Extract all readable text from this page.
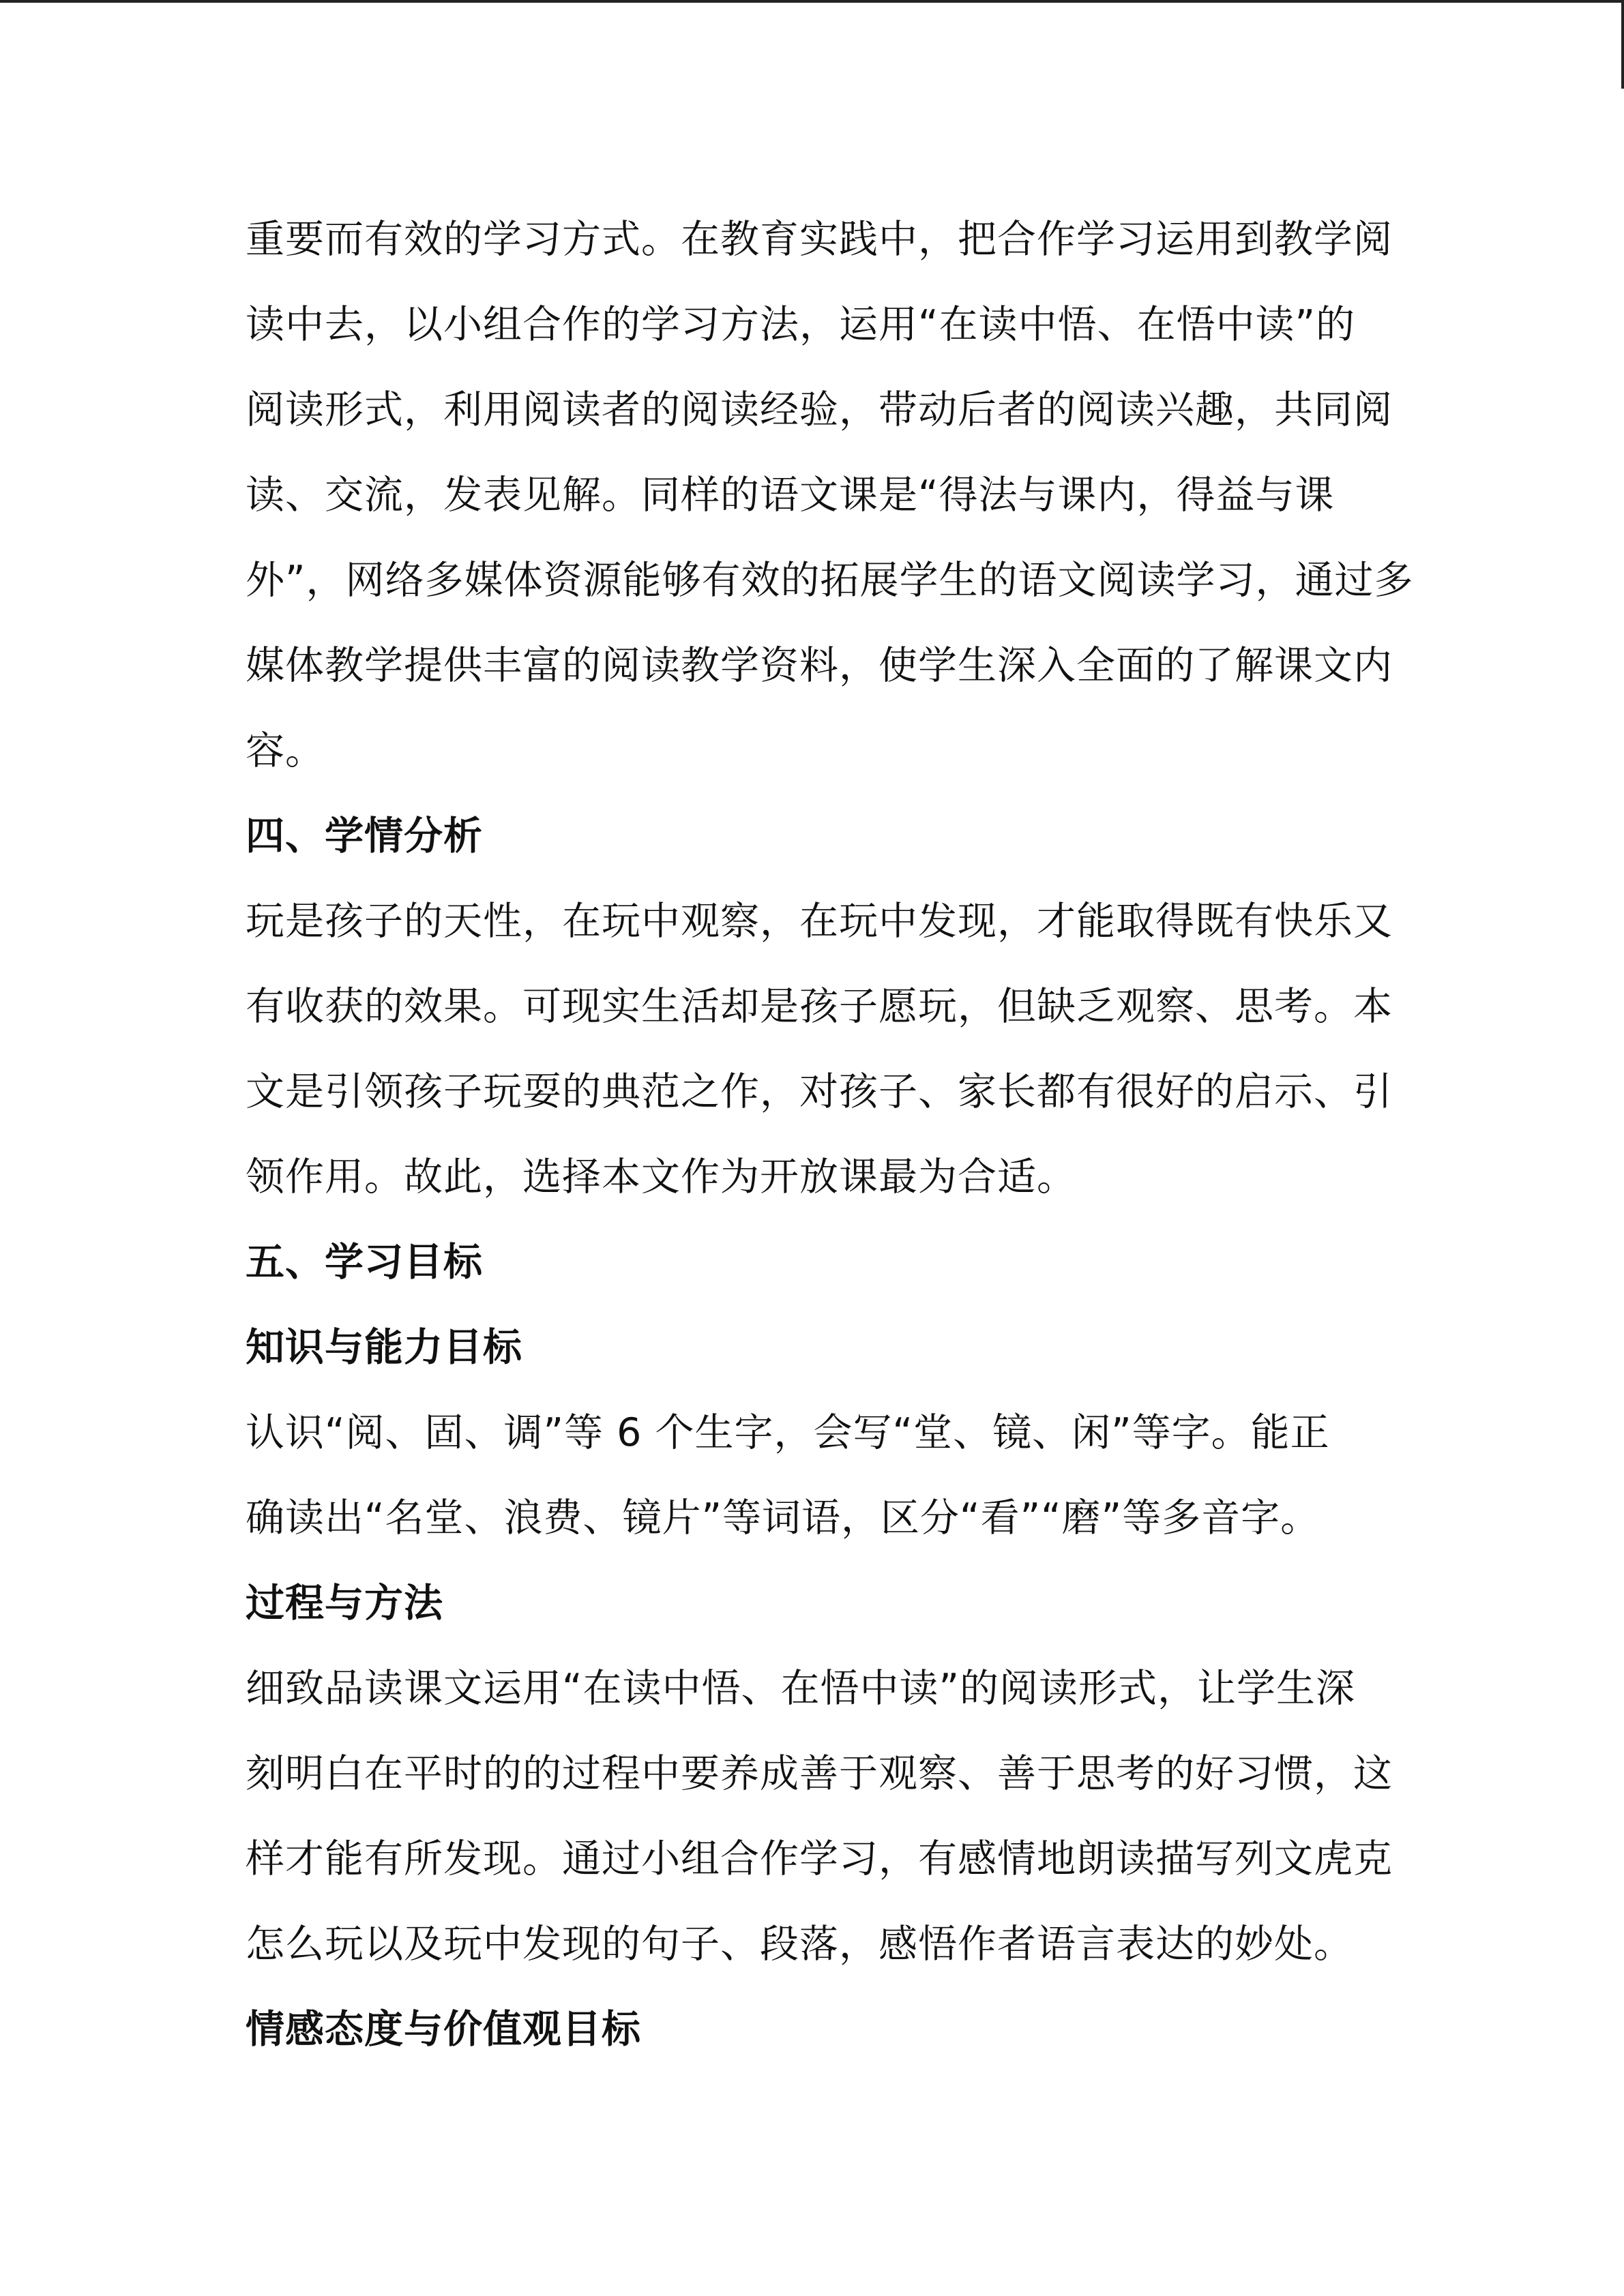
重要而有效的学习方式。在教育实践中，把合作学习运用到教学阅
读中去，以小组合作的学习方法，运用“在读中悟、在悟中读”的
阅读形式，利用阅读者的阅读经验，带动后者的阅读兴趣，共同阅
读、交流，发表见解。同样的语文课是“得法与课内，得益与课
外”，网络多媒体资源能够有效的拓展学生的语文阅读学习，通过多
媒体教学提供丰富的阅读教学资料，使学生深入全面的了解课文内
容。
四、学情分析
玩是孩子的天性，在玩中观察，在玩中发现，才能取得既有快乐又
有收获的效果。可现实生活却是孩子愿玩，但缺乏观察、思考。本
文是引领孩子玩耍的典范之作，对孩子、家长都有很好的启示、引
领作用。故此，选择本文作为开放课最为合适。
五、学习目标
知识与能力目标
认识“阅、固、调”等 6 个生字，会写“堂、镜、闲”等字。能正
确读出“名堂、浪费、镜片”等词语，区分“看”“磨”等多音字。
过程与方法
细致品读课文运用“在读中悟、在悟中读”的阅读形式，让学生深
刻明白在平时的的过程中要养成善于观察、善于思考的好习惯，这
样才能有所发现。通过小组合作学习，有感情地朗读描写列文虎克
怎么玩以及玩中发现的句子、段落，感悟作者语言表达的妙处。
情感态度与价值观目标
